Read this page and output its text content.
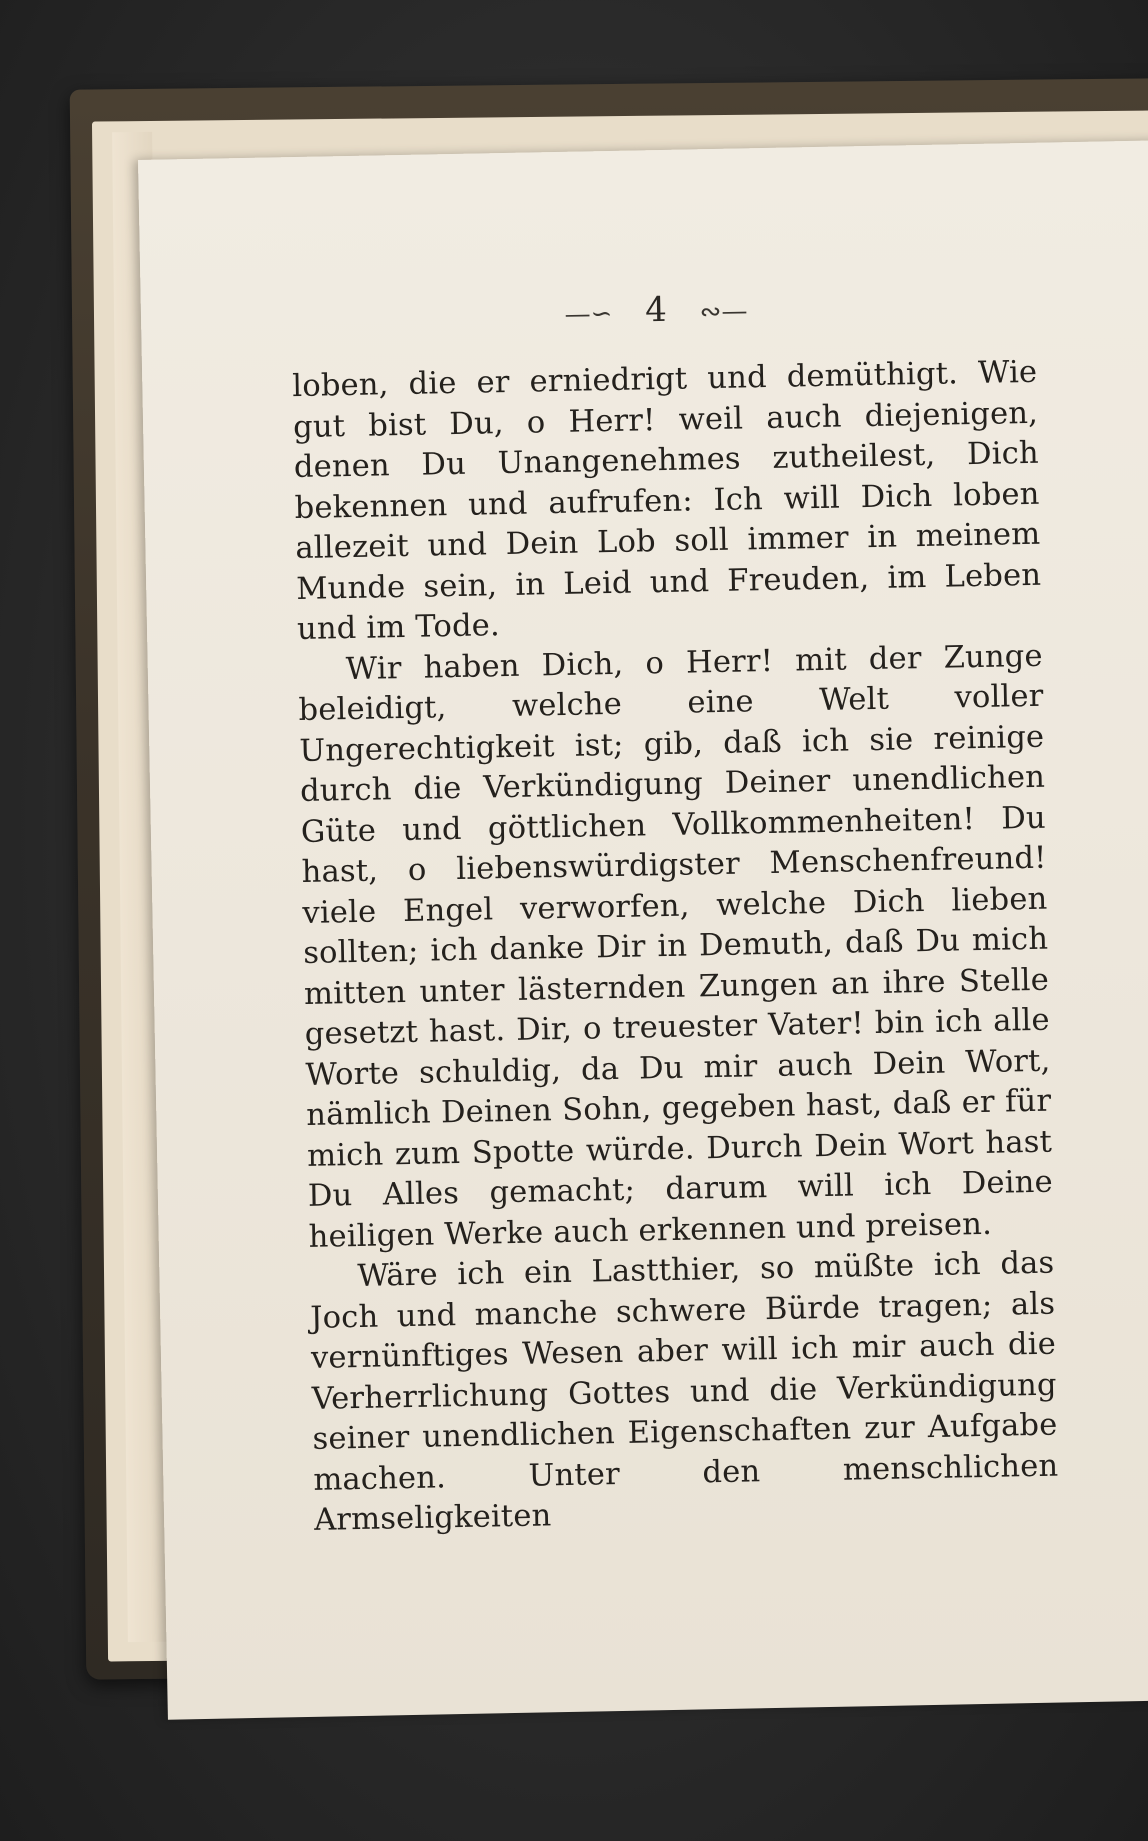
—∽ 4 ∾—

loben, die er erniedrigt und demüthigt. Wie gut bist Du, o Herr! weil auch diejenigen, denen Du Unangenehmes zutheilest, Dich bekennen und aufrufen: Ich will Dich loben allezeit und Dein Lob soll immer in meinem Munde sein, in Leid und Freuden, im Leben und im Tode.

Wir haben Dich, o Herr! mit der Zunge beleidigt, welche eine Welt voller Ungerechtigkeit ist; gib, daß ich sie reinige durch die Verkündigung Deiner unendlichen Güte und göttlichen Vollkommenheiten! Du hast, o liebenswürdigster Menschenfreund! viele Engel verworfen, welche Dich lieben sollten; ich danke Dir in Demuth, daß Du mich mitten unter lästernden Zungen an ihre Stelle gesetzt hast. Dir, o treuester Vater! bin ich alle Worte schuldig, da Du mir auch Dein Wort, nämlich Deinen Sohn, gegeben hast, daß er für mich zum Spotte würde. Durch Dein Wort hast Du Alles gemacht; darum will ich Deine heiligen Werke auch erkennen und preisen.

Wäre ich ein Lastthier, so müßte ich das Joch und manche schwere Bürde tragen; als vernünftiges Wesen aber will ich mir auch die Verherrlichung Gottes und die Verkündigung seiner unendlichen Eigenschaften zur Aufgabe machen. Unter den menschlichen Armseligkeiten
